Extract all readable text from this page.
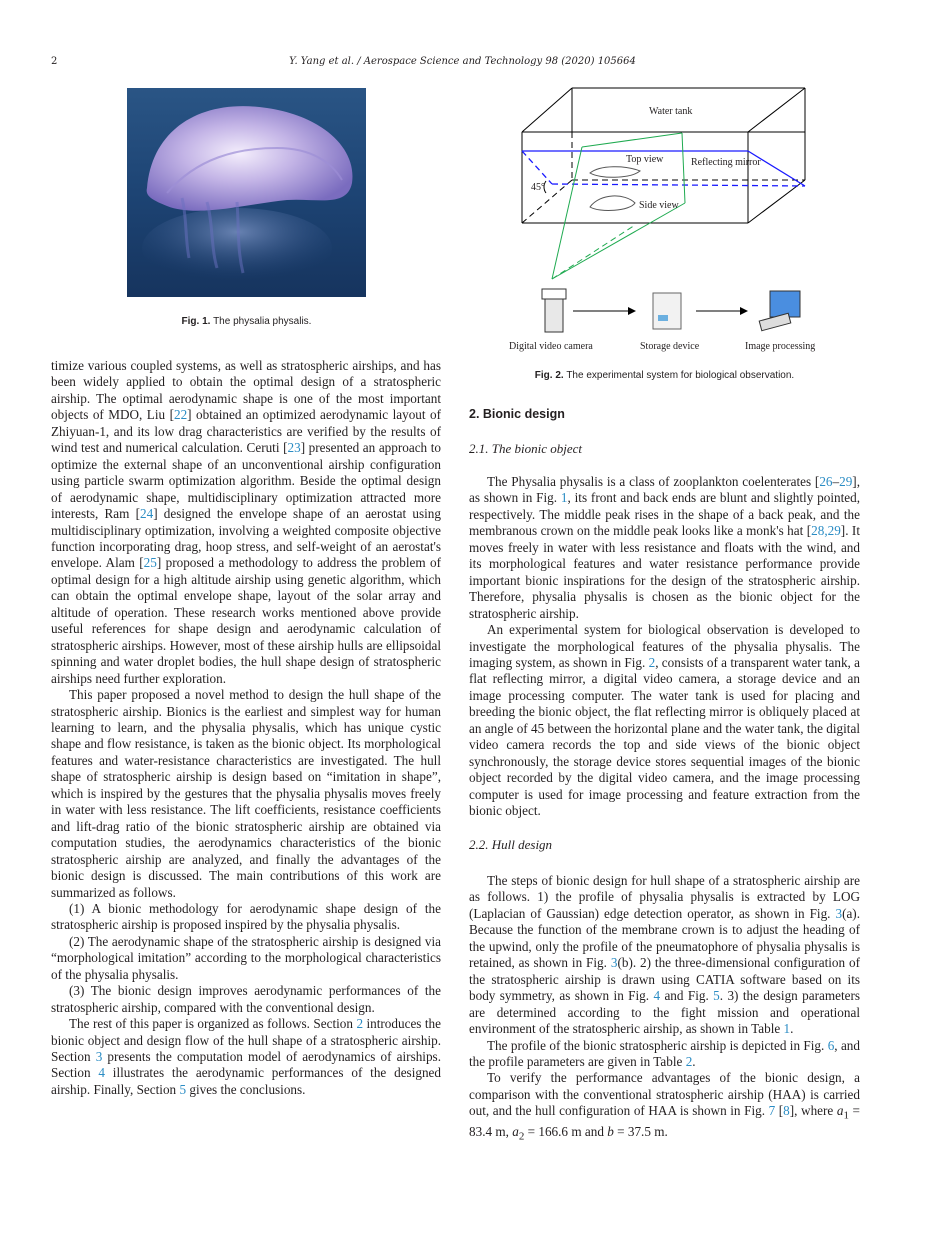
2	Y. Yang et al. / Aerospace Science and Technology 98 (2020) 105664
Fig. 1. The physalia physalis.
Water tank
Top view	Reflecting mirror
45°
Side view
Digital video camera	Storage device	Image processing
Fig. 2. The experimental system for biological observation.

timize various coupled systems, as well as stratospheric airships, and has been widely applied to obtain the optimal design of a stratospheric airship. The optimal aerodynamic shape is one of the most important objects of MDO, Liu [22] obtained an optimized aerodynamic layout of Zhiyuan-1, and its low drag characteristics are verified by the results of wind test and numerical calculation. Ceruti [23] presented an approach to optimize the external shape of an unconventional airship configuration using particle swarm optimization algorithm. Beside the optimal design of aerodynamic shape, multidisciplinary optimization attracted more interests, Ram [24] designed the envelope shape of an aerostat using multidisciplinary optimization, involving a weighted composite objective function incorporating drag, hoop stress, and self-weight of an aerostat's envelope. Alam [25] proposed a methodology to address the problem of optimal design for a high altitude airship using genetic algorithm, which can obtain the optimal envelope shape, layout of the solar array and altitude of operation. These research works mentioned above provide useful references for shape design and aerodynamic calculation of stratospheric airships. However, most of these airship hulls are ellipsoidal spinning and water droplet bodies, the hull shape design of stratospheric airships need further exploration.

This paper proposed a novel method to design the hull shape of the stratospheric airship. Bionics is the earliest and simplest way for human learning to learn, and the physalia physalis, which has unique cystic shape and flow resistance, is taken as the bionic object. Its morphological features and water-resistance characteristics are investigated. The hull shape of stratospheric airship is design based on “imitation in shape”, which is inspired by the gestures that the physalia physalis moves freely in water with less resistance. The lift coefficients, resistance coefficients and lift-drag ratio of the bionic stratospheric airship are obtained via computation studies, the aerodynamics characteristics of the bionic stratospheric airship are analyzed, and finally the advantages of the bionic design is discussed. The main contributions of this work are summarized as follows.

(1) A bionic methodology for aerodynamic shape design of the stratospheric airship is proposed inspired by the physalia physalis.

(2) The aerodynamic shape of the stratospheric airship is designed via “morphological imitation” according to the morphological characteristics of the physalia physalis.

(3) The bionic design improves aerodynamic performances of the stratospheric airship, compared with the conventional design.

The rest of this paper is organized as follows. Section 2 introduces the bionic object and design flow of the hull shape of a stratospheric airship. Section 3 presents the computation model of aerodynamics of airships. Section 4 illustrates the aerodynamic performances of the designed airship. Finally, Section 5 gives the conclusions.

2. Bionic design
2.1. The bionic object

The Physalia physalis is a class of zooplankton coelenterates [26–29], as shown in Fig. 1, its front and back ends are blunt and slightly pointed, respectively. The middle peak rises in the shape of a back peak, and the membranous crown on the middle peak looks like a monk's hat [28,29]. It moves freely in water with less resistance and floats with the wind, and its morphological features and water resistance performance provide important bionic inspirations for the design of the stratospheric airship. Therefore, physalia physalis is chosen as the bionic object for the stratospheric airship.

An experimental system for biological observation is developed to investigate the morphological features of the physalia physalis. The imaging system, as shown in Fig. 2, consists of a transparent water tank, a flat reflecting mirror, a digital video camera, a storage device and an image processing computer. The water tank is used for placing and breeding the bionic object, the flat reflecting mirror is obliquely placed at an angle of 45 between the horizontal plane and the water tank, the digital video camera records the top and side views of the bionic object synchronously, the storage device stores sequential images of the bionic object recorded by the digital video camera, and the image processing computer is used for image processing and feature extraction from the bionic object.

2.2. Hull design

The steps of bionic design for hull shape of a stratospheric airship are as follows. 1) the profile of physalia physalis is extracted by LOG (Laplacian of Gaussian) edge detection operator, as shown in Fig. 3(a). Because the function of the membrane crown is to adjust the heading of the upwind, only the profile of the pneumatophore of physalia physalis is retained, as shown in Fig. 3(b). 2) the three-dimensional configuration of the stratospheric airship is drawn using CATIA software based on its body symmetry, as shown in Fig. 4 and Fig. 5. 3) the design parameters are determined according to the fight mission and operational environment of the stratospheric airship, as shown in Table 1.

The profile of the bionic stratospheric airship is depicted in Fig. 6, and the profile parameters are given in Table 2.

To verify the performance advantages of the bionic design, a comparison with the conventional stratospheric airship (HAA) is carried out, and the hull configuration of HAA is shown in Fig. 7 [8], where $a_1 = 83.4$ m, $a_2 = 166.6$ m and b = 37.5 m.
